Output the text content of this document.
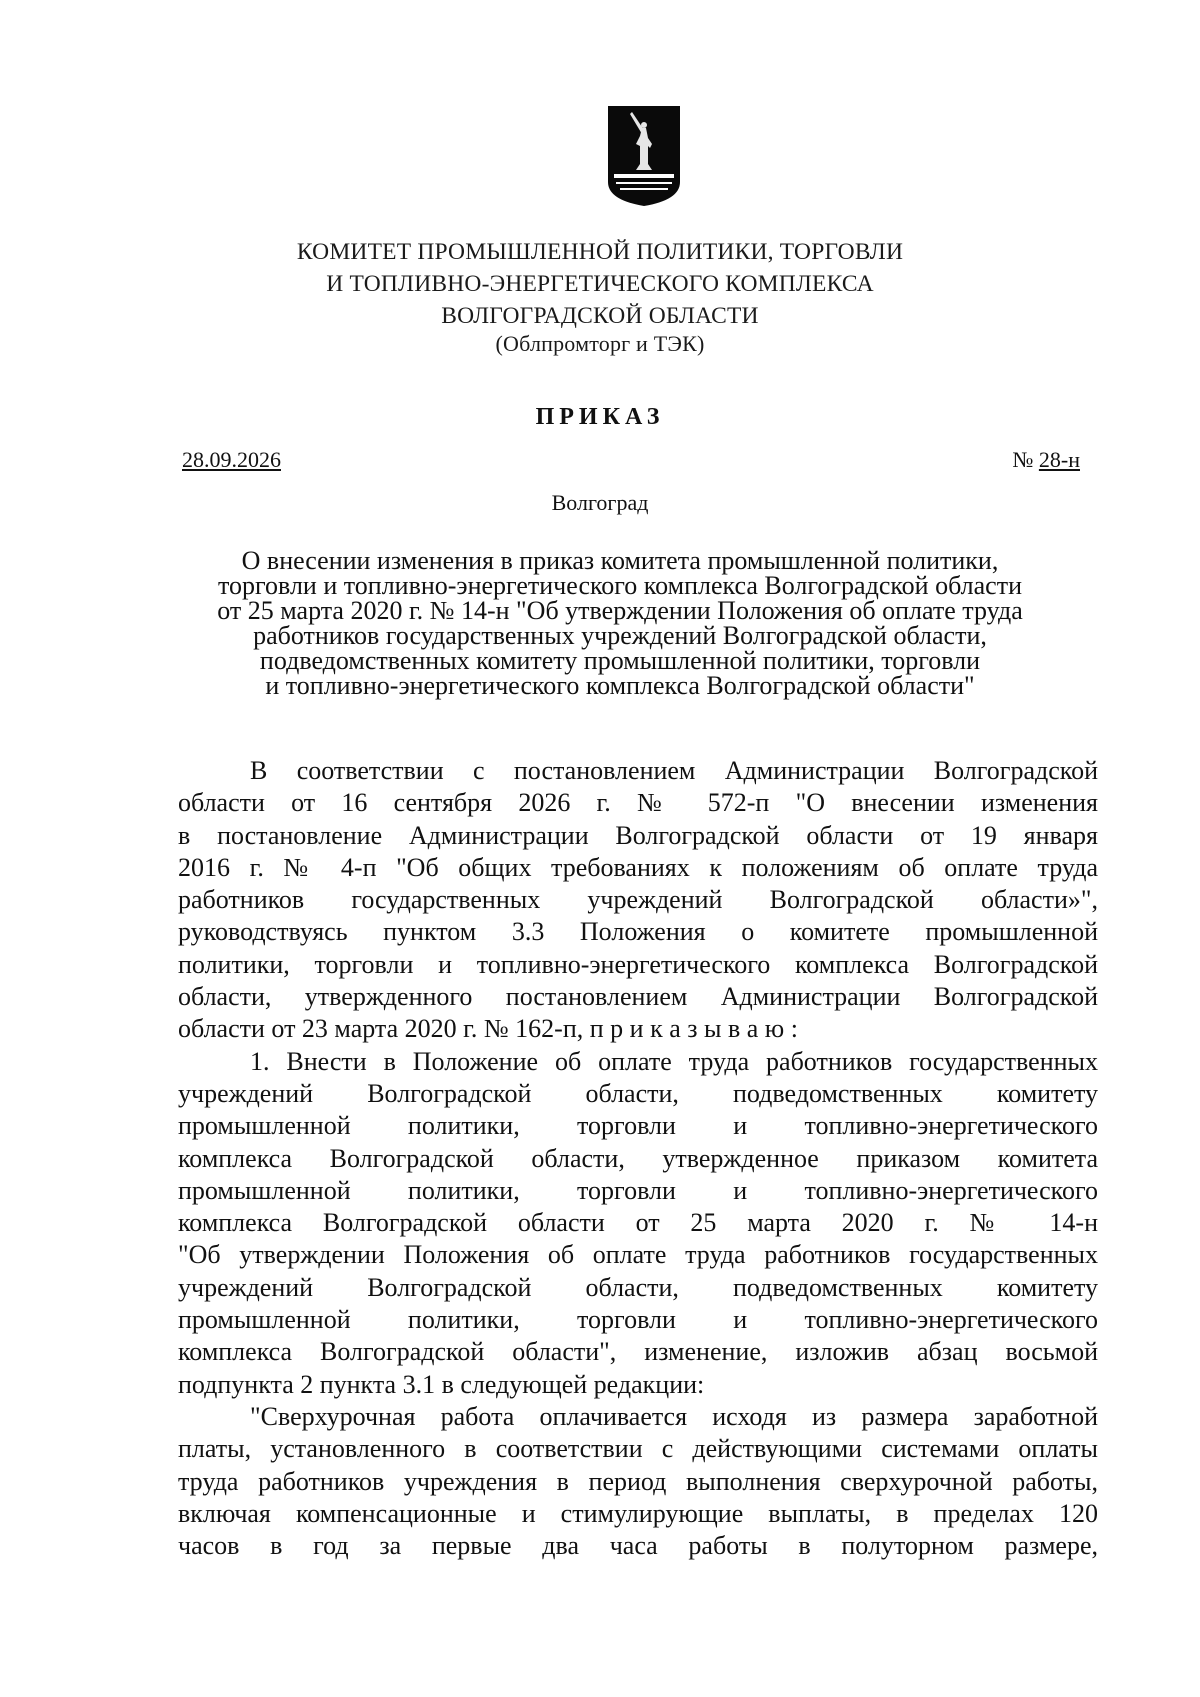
КОМИТЕТ ПРОМЫШЛЕННОЙ ПОЛИТИКИ, ТОРГОВЛИ
И ТОПЛИВНО-ЭНЕРГЕТИЧЕСКОГО КОМПЛЕКСА
ВОЛГОГРАДСКОЙ ОБЛАСТИ
(Облпромторг и ТЭК)
ПРИКАЗ
28.09.2026	№ 28-н
Волгоград
О внесении изменения в приказ комитета промышленной политики,
торговли и топливно-энергетического комплекса Волгоградской области
от 25 марта 2020 г. № 14-н "Об утверждении Положения об оплате труда
работников государственных учреждений Волгоградской области,
подведомственных комитету промышленной политики, торговли
и топливно-энергетического комплекса Волгоградской области"
В соответствии с постановлением Администрации Волгоградской
области от 16 сентября 2026 г. № 572-п "О внесении изменения
в постановление Администрации Волгоградской области от 19 января
2016 г. № 4-п "Об общих требованиях к положениям об оплате труда
работников государственных учреждений Волгоградской области»",
руководствуясь пунктом 3.3 Положения о комитете промышленной
политики, торговли и топливно-энергетического комплекса Волгоградской
области, утвержденного постановлением Администрации Волгоградской
области от 23 марта 2020 г. № 162-п, п р и к а з ы в а ю :
1. Внести в Положение об оплате труда работников государственных
учреждений Волгоградской области, подведомственных комитету
промышленной политики, торговли и топливно-энергетического
комплекса Волгоградской области, утвержденное приказом комитета
промышленной политики, торговли и топливно-энергетического
комплекса Волгоградской области от 25 марта 2020 г. № 14-н
"Об утверждении Положения об оплате труда работников государственных
учреждений Волгоградской области, подведомственных комитету
промышленной политики, торговли и топливно-энергетического
комплекса Волгоградской области", изменение, изложив абзац восьмой
подпункта 2 пункта 3.1 в следующей редакции:
"Сверхурочная работа оплачивается исходя из размера заработной
платы, установленного в соответствии с действующими системами оплаты
труда работников учреждения в период выполнения сверхурочной работы,
включая компенсационные и стимулирующие выплаты, в пределах 120
часов в год за первые два часа работы в полуторном размере,
